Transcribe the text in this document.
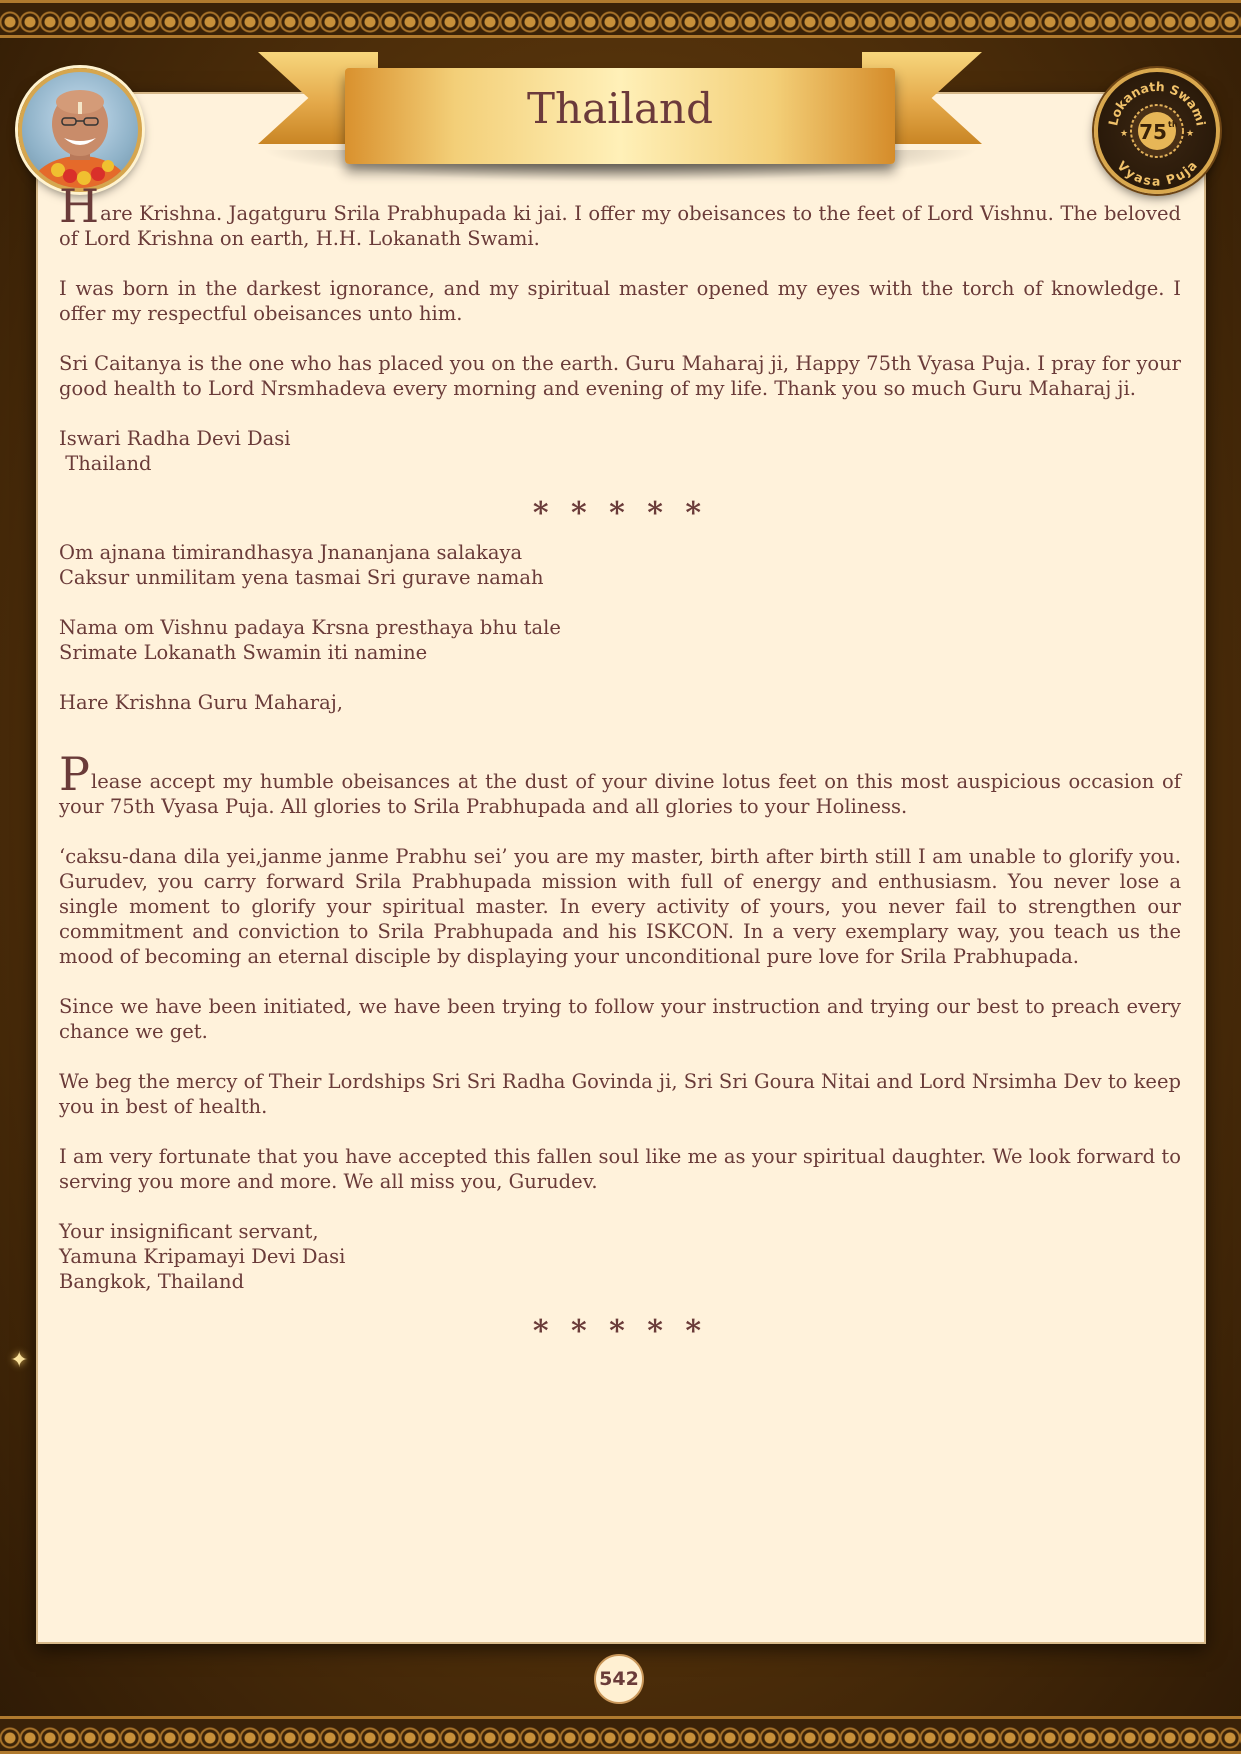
✦
Thailand	Lokanath Swami
Vyasa Puja
75 th
★	★

Hare Krishna. Jagatguru Srila Prabhupada ki jai. I offer my obeisances to the feet of Lord Vishnu. The beloved of Lord Krishna on earth, H.H. Lokanath Swami.

I was born in the darkest ignorance, and my spiritual master opened my eyes with the torch of knowledge. I offer my respectful obeisances unto him.

Sri Caitanya is the one who has placed you on the earth. Guru Maharaj ji, Happy 75th Vyasa Puja. I pray for your good health to Lord Nrsmhadeva every morning and evening of my life. Thank you so much Guru Maharaj ji.

Iswari Radha Devi Dasi
Thailand

* * * * *

Om ajnana timirandhasya Jnananjana salakaya
Caksur unmilitam yena tasmai Sri gurave namah

Nama om Vishnu padaya Krsna presthaya bhu tale
Srimate Lokanath Swamin iti namine

Hare Krishna Guru Maharaj,

Please accept my humble obeisances at the dust of your divine lotus feet on this most auspicious occasion of your 75th Vyasa Puja. All glories to Srila Prabhupada and all glories to your Holiness.

‘caksu-dana dila yei,janme janme Prabhu sei’ you are my master, birth after birth still I am unable to glorify you. Gurudev, you carry forward Srila Prabhupada mission with full of energy and enthusiasm. You never lose a single moment to glorify your spiritual master. In every activity of yours, you never fail to strengthen our commitment and conviction to Srila Prabhupada and his ISKCON. In a very exemplary way, you teach us the mood of becoming an eternal disciple by displaying your unconditional pure love for Srila Prabhupada.

Since we have been initiated, we have been trying to follow your instruction and trying our best to preach every chance we get.

We beg the mercy of Their Lordships Sri Sri Radha Govinda ji, Sri Sri Goura Nitai and Lord Nrsimha Dev to keep you in best of health.

I am very fortunate that you have accepted this fallen soul like me as your spiritual daughter. We look forward to serving you more and more. We all miss you, Gurudev.

Your insignificant servant,
Yamuna Kripamayi Devi Dasi
Bangkok, Thailand

* * * * *
542
